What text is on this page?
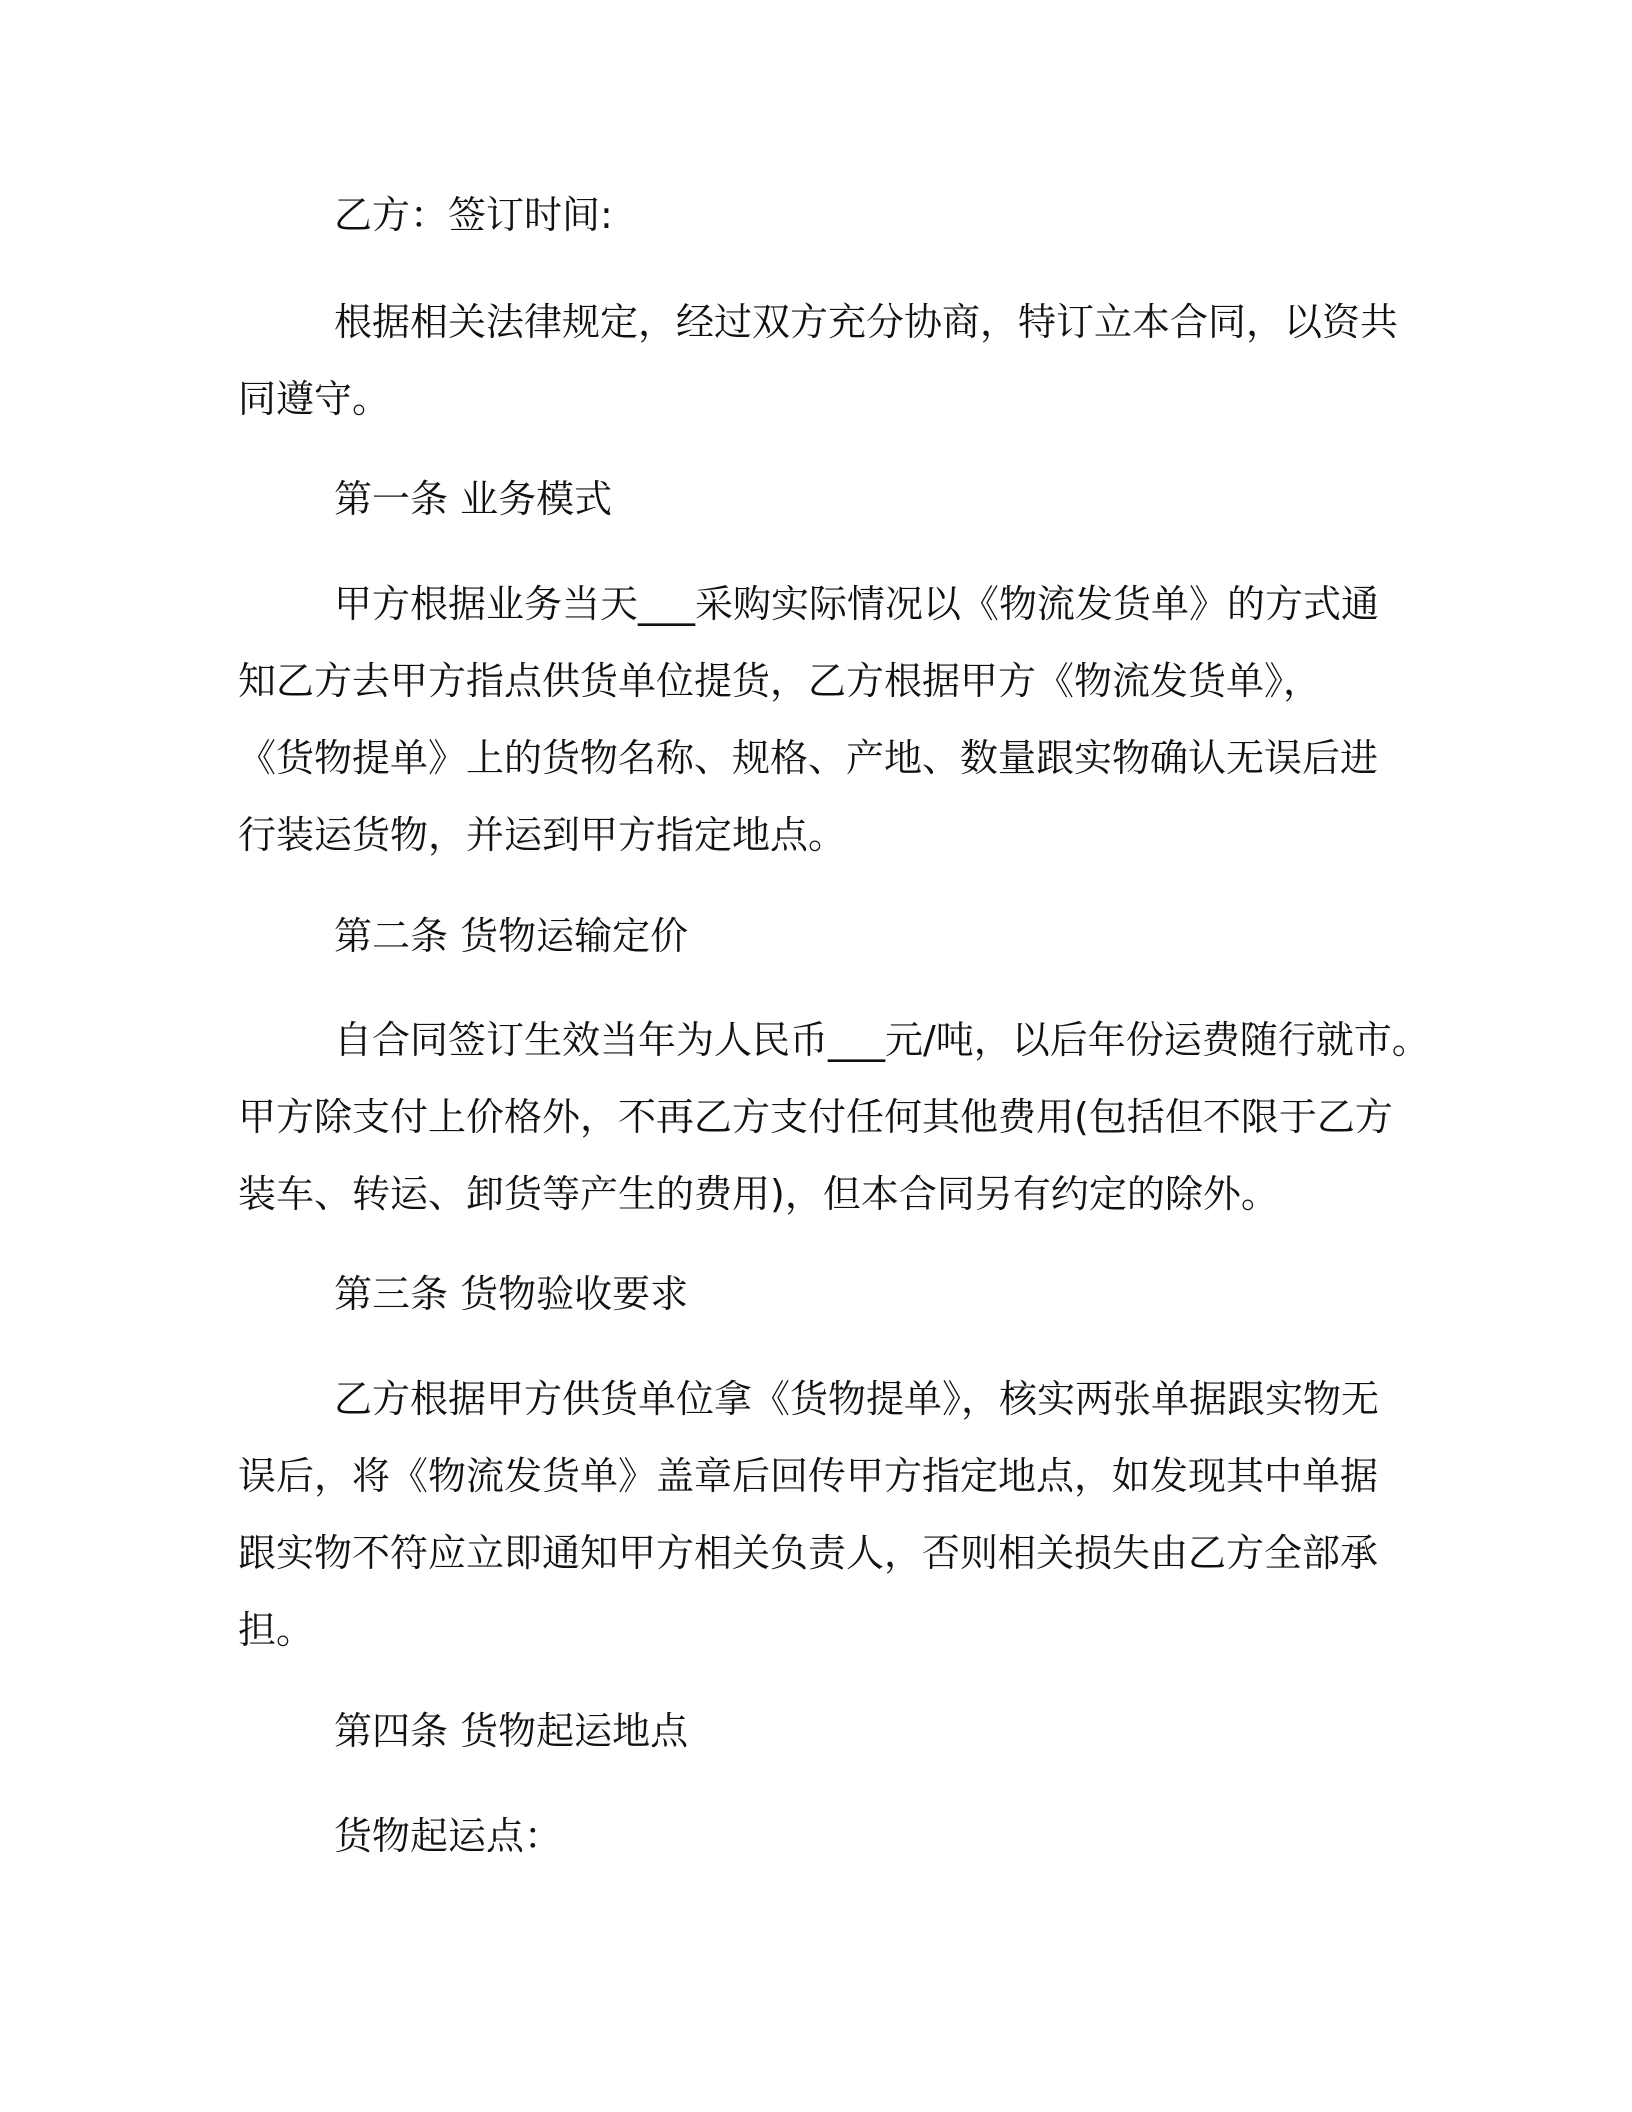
乙方：签订时间:
根据相关法律规定，经过双方充分协商，特订立本合同，以资共
同遵守。
第一条 业务模式
甲方根据业务当天___采购实际情况以《物流发货单》的方式通
知乙方去甲方指点供货单位提货，乙方根据甲方《物流发货单》，
《货物提单》上的货物名称、规格、产地、数量跟实物确认无误后进
行装运货物，并运到甲方指定地点。
第二条 货物运输定价
自合同签订生效当年为人民币___元/吨，以后年份运费随行就市。
甲方除支付上价格外，不再乙方支付任何其他费用(包括但不限于乙方
装车、转运、卸货等产生的费用)，但本合同另有约定的除外。
第三条 货物验收要求
乙方根据甲方供货单位拿《货物提单》，核实两张单据跟实物无
误后，将《物流发货单》盖章后回传甲方指定地点，如发现其中单据
跟实物不符应立即通知甲方相关负责人，否则相关损失由乙方全部承
担。
第四条 货物起运地点
货物起运点：
